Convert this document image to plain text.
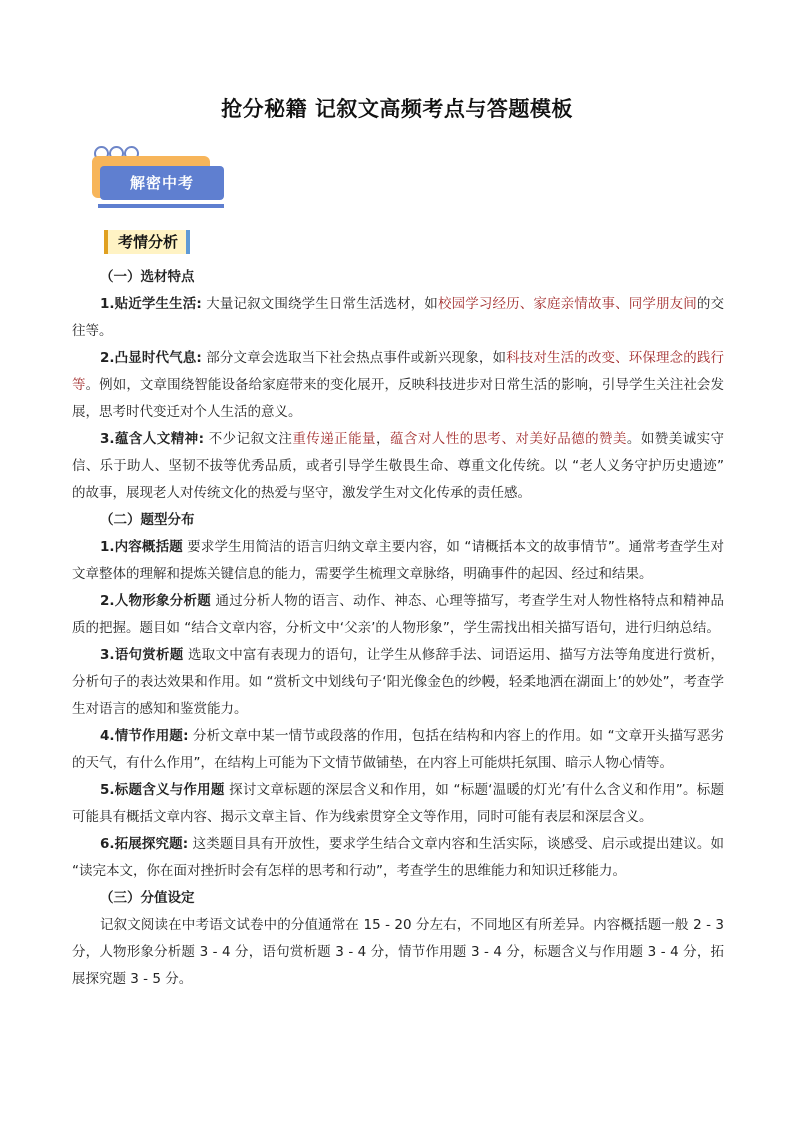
抢分秘籍 记叙文高频考点与答题模板
解密中考
考情分析

（一）选材特点

1.贴近学生生活: 大量记叙文围绕学生日常生活选材，如校园学习经历、家庭亲情故事、同学朋友间的交往等。

2.凸显时代气息: 部分文章会选取当下社会热点事件或新兴现象，如科技对生活的改变、环保理念的践行等。例如，文章围绕智能设备给家庭带来的变化展开，反映科技进步对日常生活的影响，引导学生关注社会发展，思考时代变迁对个人生活的意义。

3.蕴含人文精神: 不少记叙文注重传递正能量，蕴含对人性的思考、对美好品德的赞美。如赞美诚实守信、乐于助人、坚韧不拔等优秀品质，或者引导学生敬畏生命、尊重文化传统。以 “老人义务守护历史遗迹” 的故事，展现老人对传统文化的热爱与坚守，激发学生对文化传承的责任感。

（二）题型分布

1.内容概括题 要求学生用简洁的语言归纳文章主要内容，如 “请概括本文的故事情节”。通常考查学生对文章整体的理解和提炼关键信息的能力，需要学生梳理文章脉络，明确事件的起因、经过和结果。

2.人物形象分析题 通过分析人物的语言、动作、神态、心理等描写，考查学生对人物性格特点和精神品质的把握。题目如 “结合文章内容，分析文中‘父亲’的人物形象”，学生需找出相关描写语句，进行归纳总结。

3.语句赏析题 选取文中富有表现力的语句，让学生从修辞手法、词语运用、描写方法等角度进行赏析，分析句子的表达效果和作用。如 “赏析文中划线句子‘阳光像金色的纱幔，轻柔地洒在湖面上’的妙处”，考查学生对语言的感知和鉴赏能力。

4.情节作用题: 分析文章中某一情节或段落的作用，包括在结构和内容上的作用。如 “文章开头描写恶劣的天气，有什么作用”，在结构上可能为下文情节做铺垫，在内容上可能烘托氛围、暗示人物心情等。

5.标题含义与作用题 探讨文章标题的深层含义和作用，如 “标题‘温暖的灯光’有什么含义和作用”。标题可能具有概括文章内容、揭示文章主旨、作为线索贯穿全文等作用，同时可能有表层和深层含义。

6.拓展探究题: 这类题目具有开放性，要求学生结合文章内容和生活实际，谈感受、启示或提出建议。如 “读完本文，你在面对挫折时会有怎样的思考和行动”，考查学生的思维能力和知识迁移能力。

（三）分值设定

记叙文阅读在中考语文试卷中的分值通常在 15 - 20 分左右，不同地区有所差异。内容概括题一般 2 - 3 分，人物形象分析题 3 - 4 分，语句赏析题 3 - 4 分，情节作用题 3 - 4 分，标题含义与作用题 3 - 4 分，拓展探究题 3 - 5 分。
